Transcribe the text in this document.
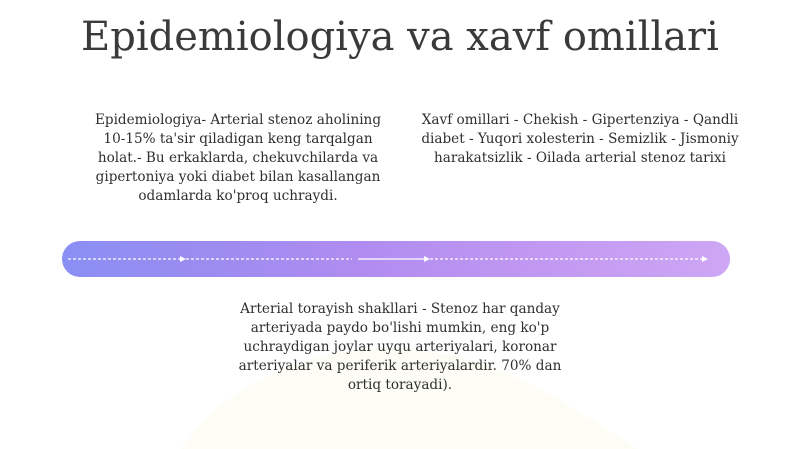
Epidemiologiya va xavf omillari
Epidemiologiya- Arterial stenoz aholining 10-15% ta'sir qiladigan keng tarqalgan holat.- Bu erkaklarda, chekuvchilarda va gipertoniya yoki diabet bilan kasallangan odamlarda ko'proq uchraydi.
Xavf omillari - Chekish - Gipertenziya - Qandli diabet - Yuqori xolesterin - Semizlik - Jismoniy harakatsizlik - Oilada arterial stenoz tarixi
Arterial torayish shakllari - Stenoz har qanday arteriyada paydo bo'lishi mumkin, eng ko'p uchraydigan joylar uyqu arteriyalari, koronar arteriyalar va periferik arteriyalardir. 70% dan ortiq torayadi).
